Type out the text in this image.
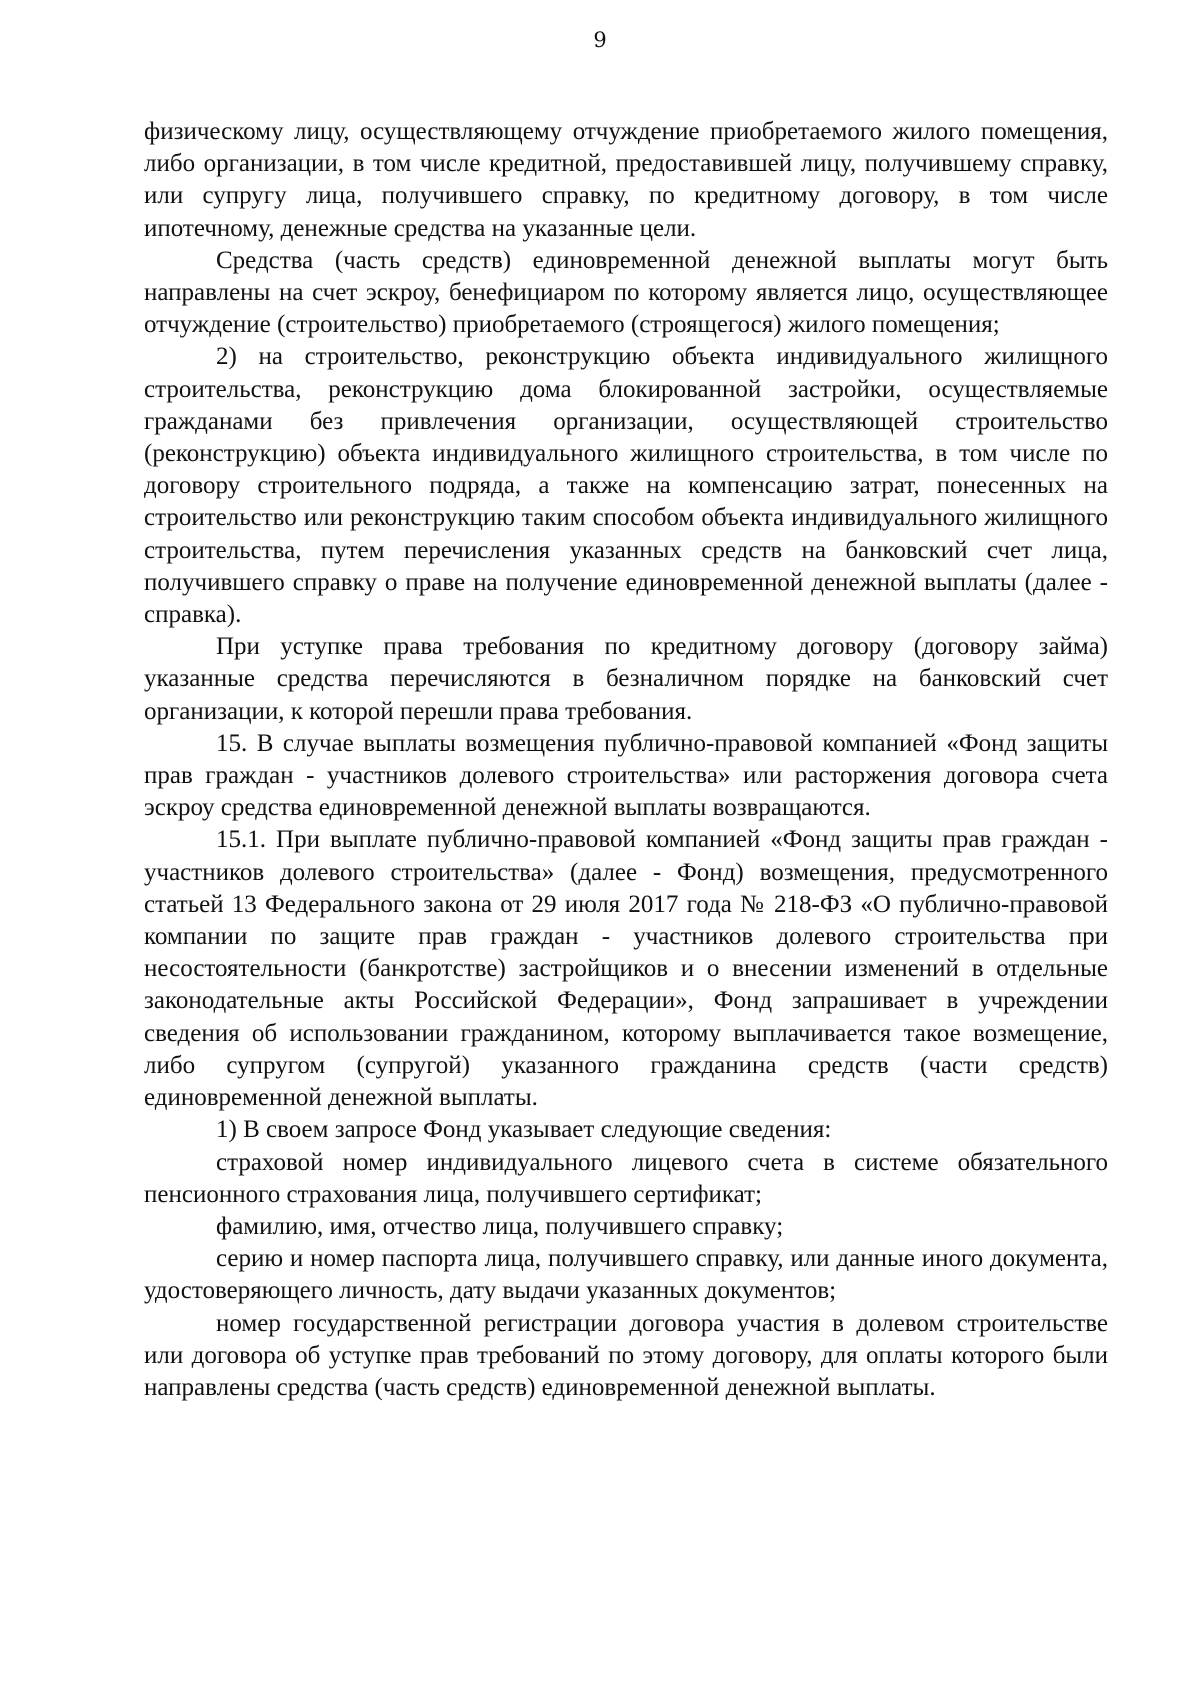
9

физическому лицу, осуществляющему отчуждение приобретаемого жилого помещения, либо организации, в том числе кредитной, предоставившей лицу, получившему справку, или супругу лица, получившего справку, по кредитному договору, в том числе ипотечному, денежные средства на указанные цели.

Средства (часть средств) единовременной денежной выплаты могут быть направлены на счет эскроу, бенефициаром по которому является лицо, осуществляющее отчуждение (строительство) приобретаемого (строящегося) жилого помещения;

2) на строительство, реконструкцию объекта индивидуального жилищного строительства, реконструкцию дома блокированной застройки, осуществляемые гражданами без привлечения организации, осуществляющей строительство (реконструкцию) объекта индивидуального жилищного строительства, в том числе по договору строительного подряда, а также на компенсацию затрат, понесенных на строительство или реконструкцию таким способом объекта индивидуального жилищного строительства, путем перечисления указанных средств на банковский счет лица, получившего справку о праве на получение единовременной денежной выплаты (далее - справка).

При уступке права требования по кредитному договору (договору займа) указанные средства перечисляются в безналичном порядке на банковский счет организации, к которой перешли права требования.

15. В случае выплаты возмещения публично-правовой компанией «Фонд защиты прав граждан - участников долевого строительства» или расторжения договора счета эскроу средства единовременной денежной выплаты возвращаются.

15.1. При выплате публично-правовой компанией «Фонд защиты прав граждан - участников долевого строительства» (далее - Фонд) возмещения, предусмотренного статьей 13 Федерального закона от 29 июля 2017 года № 218-ФЗ «О публично-правовой компании по защите прав граждан - участников долевого строительства при несостоятельности (банкротстве) застройщиков и о внесении изменений в отдельные законодательные акты Российской Федерации», Фонд запрашивает в учреждении сведения об использовании гражданином, которому выплачивается такое возмещение, либо супругом (супругой) указанного гражданина средств (части средств) единовременной денежной выплаты.

1) В своем запросе Фонд указывает следующие сведения:

страховой номер индивидуального лицевого счета в системе обязательного пенсионного страхования лица, получившего сертификат;

фамилию, имя, отчество лица, получившего справку;

серию и номер паспорта лица, получившего справку, или данные иного документа, удостоверяющего личность, дату выдачи указанных документов;

номер государственной регистрации договора участия в долевом строительстве или договора об уступке прав требований по этому договору, для оплаты которого были направлены средства (часть средств) единовременной денежной выплаты.
